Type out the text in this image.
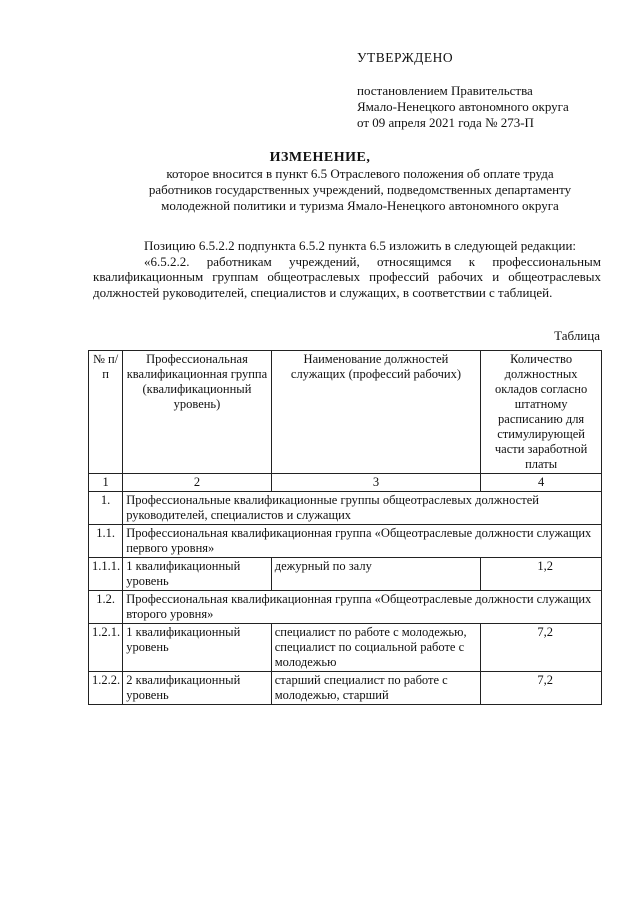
УТВЕРЖДЕНО
постановлением Правительства
Ямало-Ненецкого автономного округа
от 09 апреля 2021 года № 273-П
ИЗМЕНЕНИЕ,
которое вносится в пункт 6.5 Отраслевого положения об оплате труда
работников государственных учреждений, подведомственных департаменту
молодежной политики и туризма Ямало-Ненецкого автономного округа
Позицию 6.5.2.2 подпункта 6.5.2 пункта 6.5 изложить в следующей редакции:
«6.5.2.2. работникам учреждений, относящимся к профессиональным квалификационным группам общеотраслевых профессий рабочих и общеотраслевых должностей руководителей, специалистов и служащих, в соответствии с таблицей.
Таблица
№ п/п	Профессиональная квалификационная группа (квалификационный уровень)	Наименование должностей служащих (профессий рабочих)	Количество должностных окладов согласно штатному расписанию для стимулирующей части заработной платы
1	2	3	4
1.	Профессиональные квалификационные группы общеотраслевых должностей руководителей, специалистов и служащих		
1.1.	Профессиональная квалификационная группа «Общеотраслевые должности служащих первого уровня»		
1.1.1.	1 квалификационный уровень	дежурный по залу	1,2
1.2.	Профессиональная квалификационная группа «Общеотраслевые должности служащих второго уровня»		
1.2.1.	1 квалификационный уровень	специалист по работе с молодежью, специалист по социальной работе с молодежью	7,2
1.2.2.	2 квалификационный уровень	старший специалист по работе с молодежью, старший	7,2
